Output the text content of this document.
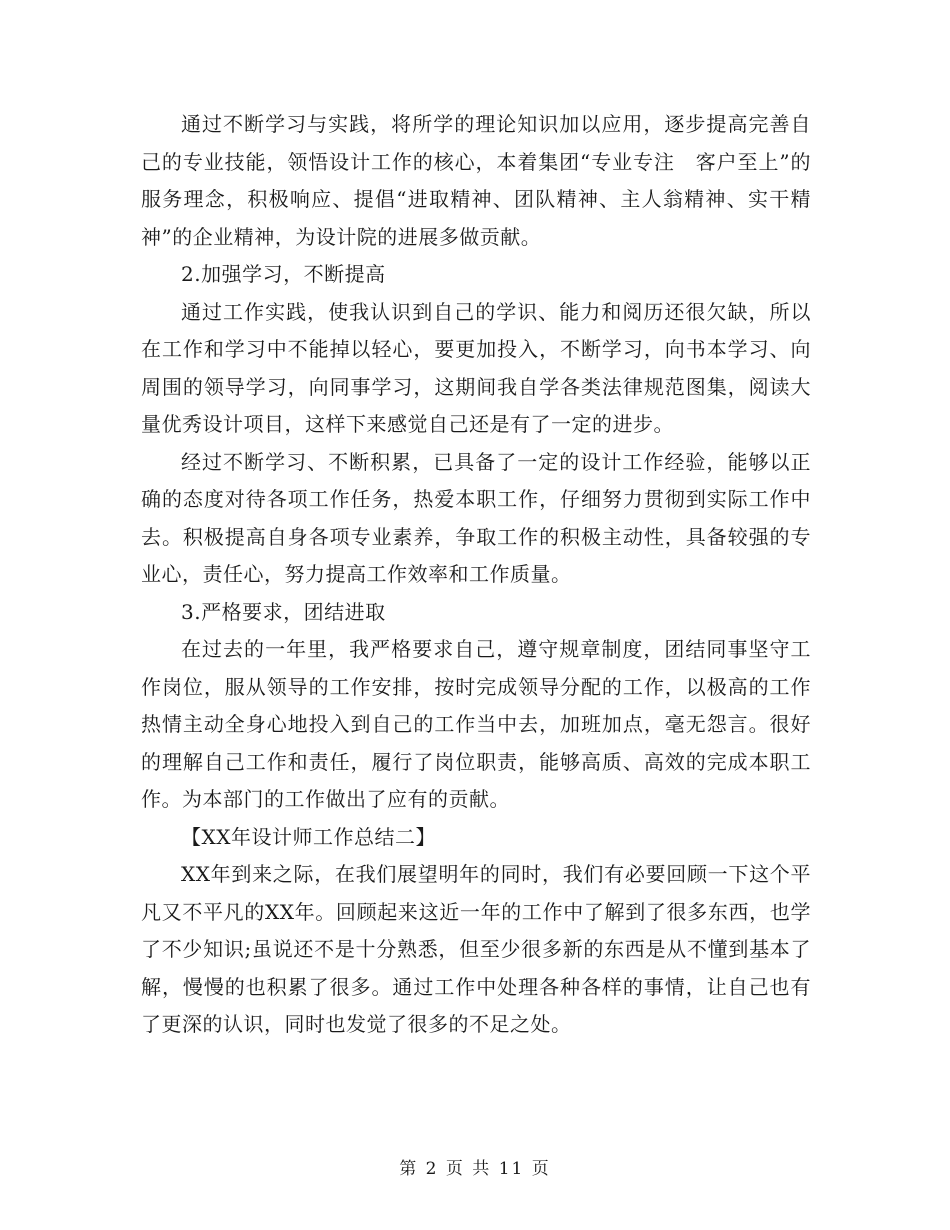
通过不断学习与实践，将所学的理论知识加以应用，逐步提高完善自己的专业技能，领悟设计工作的核心，本着集团“专业专注　客户至上”的服务理念，积极响应、提倡“进取精神、团队精神、主人翁精神、实干精神”的企业精神，为设计院的进展多做贡献。

2.加强学习，不断提高

通过工作实践，使我认识到自己的学识、能力和阅历还很欠缺，所以在工作和学习中不能掉以轻心，要更加投入，不断学习，向书本学习、向周围的领导学习，向同事学习，这期间我自学各类法律规范图集，阅读大量优秀设计项目，这样下来感觉自己还是有了一定的进步。

经过不断学习、不断积累，已具备了一定的设计工作经验，能够以正确的态度对待各项工作任务，热爱本职工作，仔细努力贯彻到实际工作中去。积极提高自身各项专业素养，争取工作的积极主动性，具备较强的专业心，责任心，努力提高工作效率和工作质量。

3.严格要求，团结进取

在过去的一年里，我严格要求自己，遵守规章制度，团结同事坚守工作岗位，服从领导的工作安排，按时完成领导分配的工作，以极高的工作热情主动全身心地投入到自己的工作当中去，加班加点，毫无怨言。很好的理解自己工作和责任，履行了岗位职责，能够高质、高效的完成本职工作。为本部门的工作做出了应有的贡献。

【XX年设计师工作总结二】

XX年到来之际，在我们展望明年的同时，我们有必要回顾一下这个平凡又不平凡的XX年。回顾起来这近一年的工作中了解到了很多东西，也学了不少知识;虽说还不是十分熟悉，但至少很多新的东西是从不懂到基本了解，慢慢的也积累了很多。通过工作中处理各种各样的事情，让自己也有了更深的认识，同时也发觉了很多的不足之处。

第 2 页 共 11 页
